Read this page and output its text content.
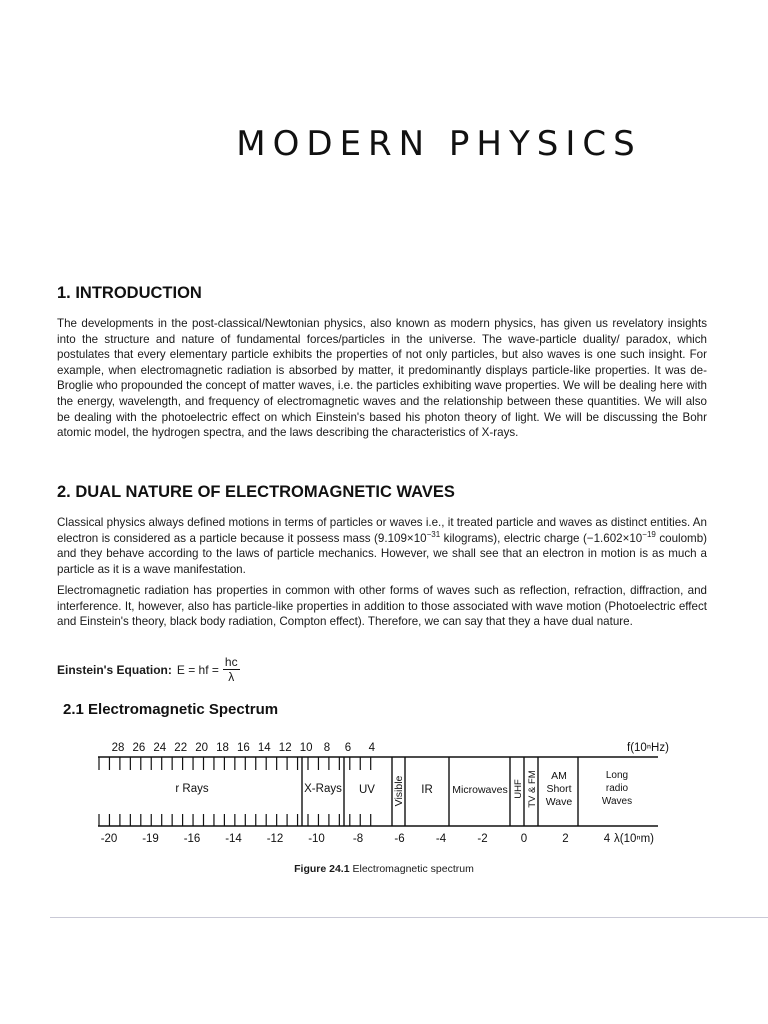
MODERN PHYSICS
1. INTRODUCTION
The developments in the post-classical/Newtonian physics, also known as modern physics, has given us revelatory insights into the structure and nature of fundamental forces/particles in the universe. The wave-particle duality/ paradox, which postulates that every elementary particle exhibits the properties of not only particles, but also waves is one such insight. For example, when electromagnetic radiation is absorbed by matter, it predominantly displays particle-like properties. It was de-Broglie who propounded the concept of matter waves, i.e. the particles exhibiting wave properties. We will be dealing here with the energy, wavelength, and frequency of electromagnetic waves and the relationship between these quantities. We will also be dealing with the photoelectric effect on which Einstein's based his photon theory of light. We will be discussing the Bohr atomic model, the hydrogen spectra, and the laws describing the characteristics of X-rays.
2. DUAL NATURE OF ELECTROMAGNETIC WAVES
Classical physics always defined motions in terms of particles or waves i.e., it treated particle and waves as distinct entities. An electron is considered as a particle because it possess mass ($9.109\times 10^{-31}$ kilograms), electric charge ($-1.602\times 10^{-19}$ coulomb) and they behave according to the laws of particle mechanics. However, we shall see that an electron in motion is as much a particle as it is a wave manifestation.
Electromagnetic radiation has properties in common with other forms of waves such as reflection, refraction, diffraction, and interference. It, however, also has particle-like properties in addition to those associated with wave motion (Photoelectric effect and Einstein's theory, black body radiation, Compton effect). Therefore, we can say that they a have dual nature.
Einstein's Equation: E = hf = $\frac{hc}{\lambda}$
2.1 Electromagnetic Spectrum
28 26 24 22 20 18 16 14 12 10 8 6 4
-20 -19 -16 -14 -12 -10 -8	-6	-4	-2	0	2	4
r Rays	X-Rays UV Visible IR Microwaves UHF TV & FM AM
Short
Wave
Long
radio
Waves
f(10ⁿHz)
λ(10ⁿm)
Figure 24.1 Electromagnetic spectrum
